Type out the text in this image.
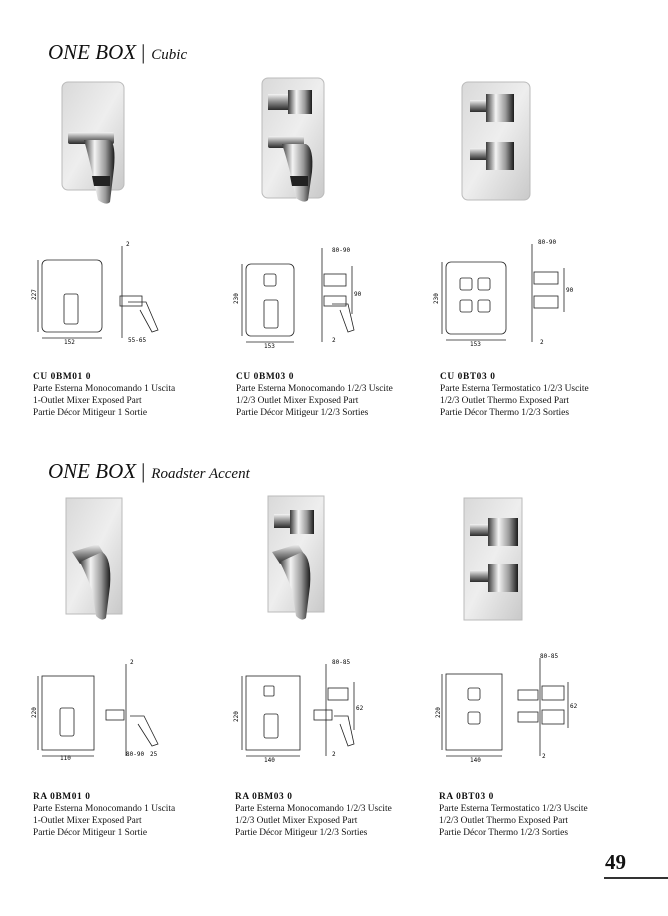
ONE BOX | Cubic
227
152
2
55-65
230
153
80-90
90
2
230
153
80-90
90
2
CU 0BM01 0
Parte Esterna Monocomando 1 Uscita
1-Outlet Mixer Exposed Part
Partie Décor Mitigeur 1 Sortie
CU 0BM03 0
Parte Esterna Monocomando 1/2/3 Uscite
1/2/3 Outlet Mixer Exposed Part
Partie Décor Mitigeur 1/2/3 Sorties
CU 0BT03 0
Parte Esterna Termostatico 1/2/3 Uscite
1/2/3 Outlet Thermo Exposed Part
Partie Décor Thermo 1/2/3 Sorties
ONE BOX | Roadster Accent
220
110
2
80-90 25
220
140
80-85
62
2
220
140
80-85
62
2
RA 0BM01 0
Parte Esterna Monocomando 1 Uscita
1-Outlet Mixer Exposed Part
Partie Décor Mitigeur 1 Sortie
RA 0BM03 0
Parte Esterna Monocomando 1/2/3 Uscite
1/2/3 Outlet Mixer Exposed Part
Partie Décor Mitigeur 1/2/3 Sorties
RA 0BT03 0
Parte Esterna Termostatico 1/2/3 Uscite
1/2/3 Outlet Thermo Exposed Part
Partie Décor Thermo 1/2/3 Sorties
49
